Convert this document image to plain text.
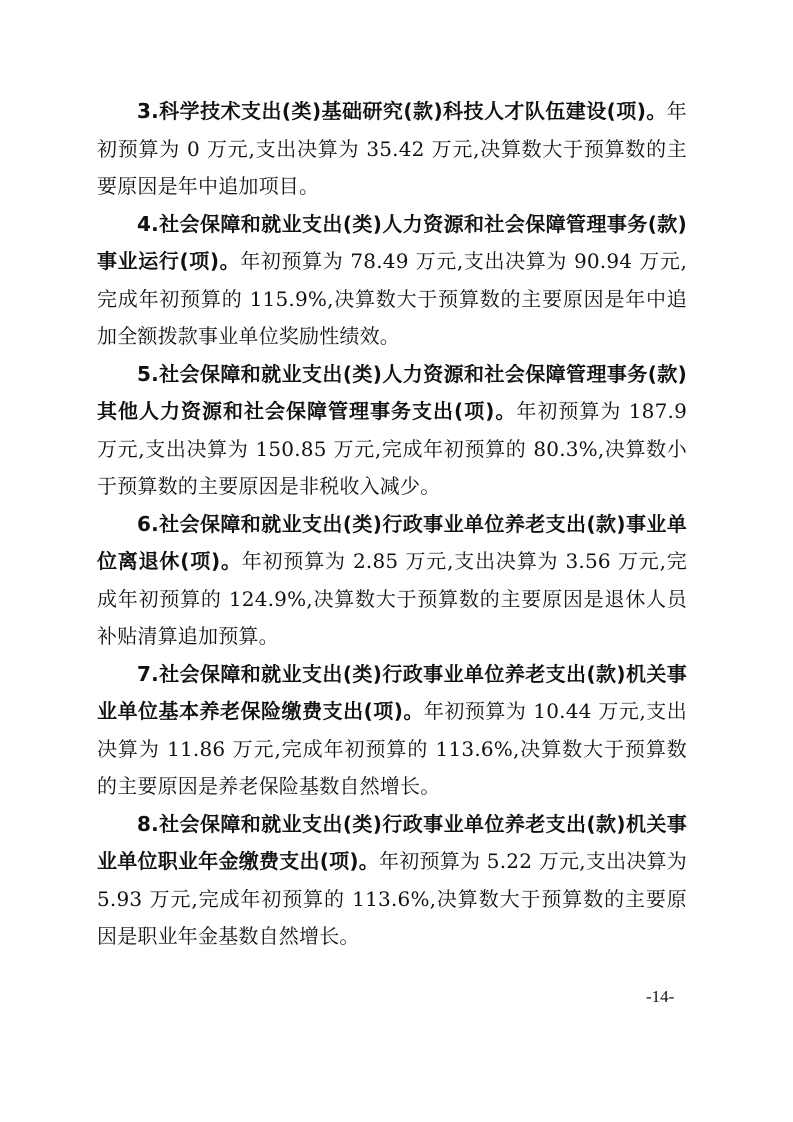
3.科学技术支出(类)基础研究(款)科技人才队伍建设(项)。年初预算为 0 万元,支出决算为 35.42 万元,决算数大于预算数的主要原因是年中追加项目。

4.社会保障和就业支出(类)人力资源和社会保障管理事务(款)事业运行(项)。年初预算为 78.49 万元,支出决算为 90.94 万元,完成年初预算的 115.9%,决算数大于预算数的主要原因是年中追加全额拨款事业单位奖励性绩效。

5.社会保障和就业支出(类)人力资源和社会保障管理事务(款)其他人力资源和社会保障管理事务支出(项)。年初预算为 187.9 万元,支出决算为 150.85 万元,完成年初预算的 80.3%,决算数小于预算数的主要原因是非税收入减少。

6.社会保障和就业支出(类)行政事业单位养老支出(款)事业单位离退休(项)。年初预算为 2.85 万元,支出决算为 3.56 万元,完成年初预算的 124.9%,决算数大于预算数的主要原因是退休人员补贴清算追加预算。

7.社会保障和就业支出(类)行政事业单位养老支出(款)机关事业单位基本养老保险缴费支出(项)。年初预算为 10.44 万元,支出决算为 11.86 万元,完成年初预算的 113.6%,决算数大于预算数的主要原因是养老保险基数自然增长。

8.社会保障和就业支出(类)行政事业单位养老支出(款)机关事业单位职业年金缴费支出(项)。年初预算为 5.22 万元,支出决算为 5.93 万元,完成年初预算的 113.6%,决算数大于预算数的主要原因是职业年金基数自然增长。

-14-
